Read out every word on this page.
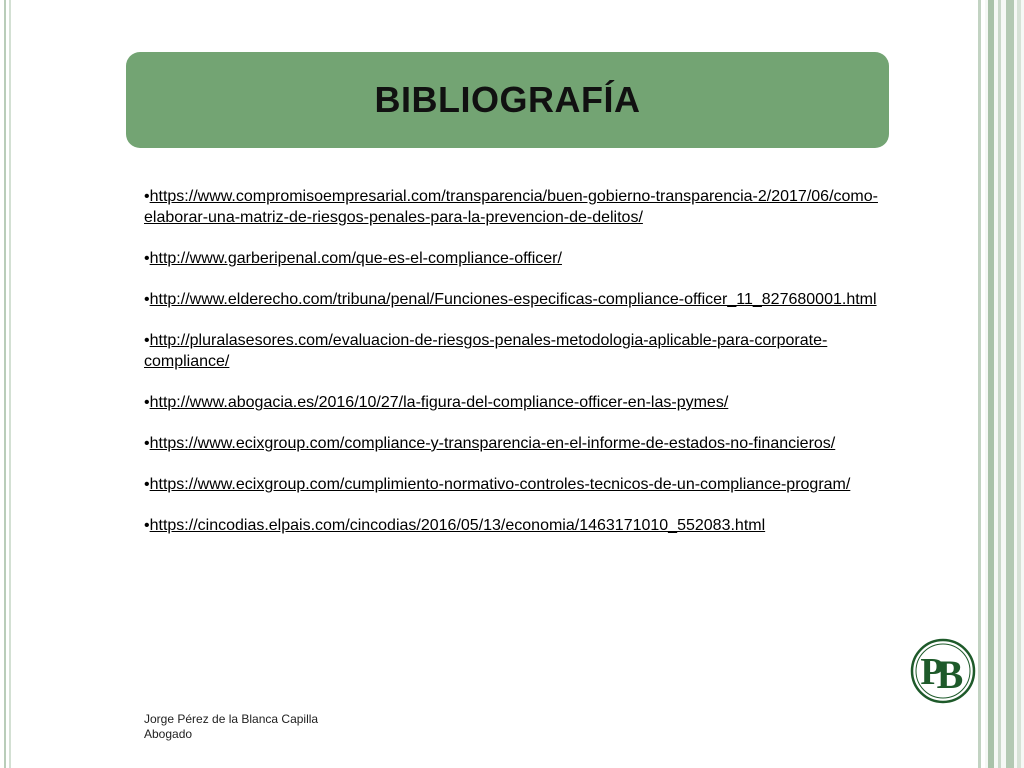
BIBLIOGRAFÍA
•https://www.compromisoempresarial.com/transparencia/buen-gobierno-transparencia-2/2017/06/como-elaborar-una-matriz-de-riesgos-penales-para-la-prevencion-de-delitos/
•http://www.garberipenal.com/que-es-el-compliance-officer/
•http://www.elderecho.com/tribuna/penal/Funciones-especificas-compliance-officer_11_827680001.html
•http://pluralasesores.com/evaluacion-de-riesgos-penales-metodologia-aplicable-para-corporate-compliance/
•http://www.abogacia.es/2016/10/27/la-figura-del-compliance-officer-en-las-pymes/
•https://www.ecixgroup.com/compliance-y-transparencia-en-el-informe-de-estados-no-financieros/
•https://www.ecixgroup.com/cumplimiento-normativo-controles-tecnicos-de-un-compliance-program/
•https://cincodias.elpais.com/cincodias/2016/05/13/economia/1463171010_552083.html
Jorge Pérez de la Blanca Capilla
Abogado
P
B
